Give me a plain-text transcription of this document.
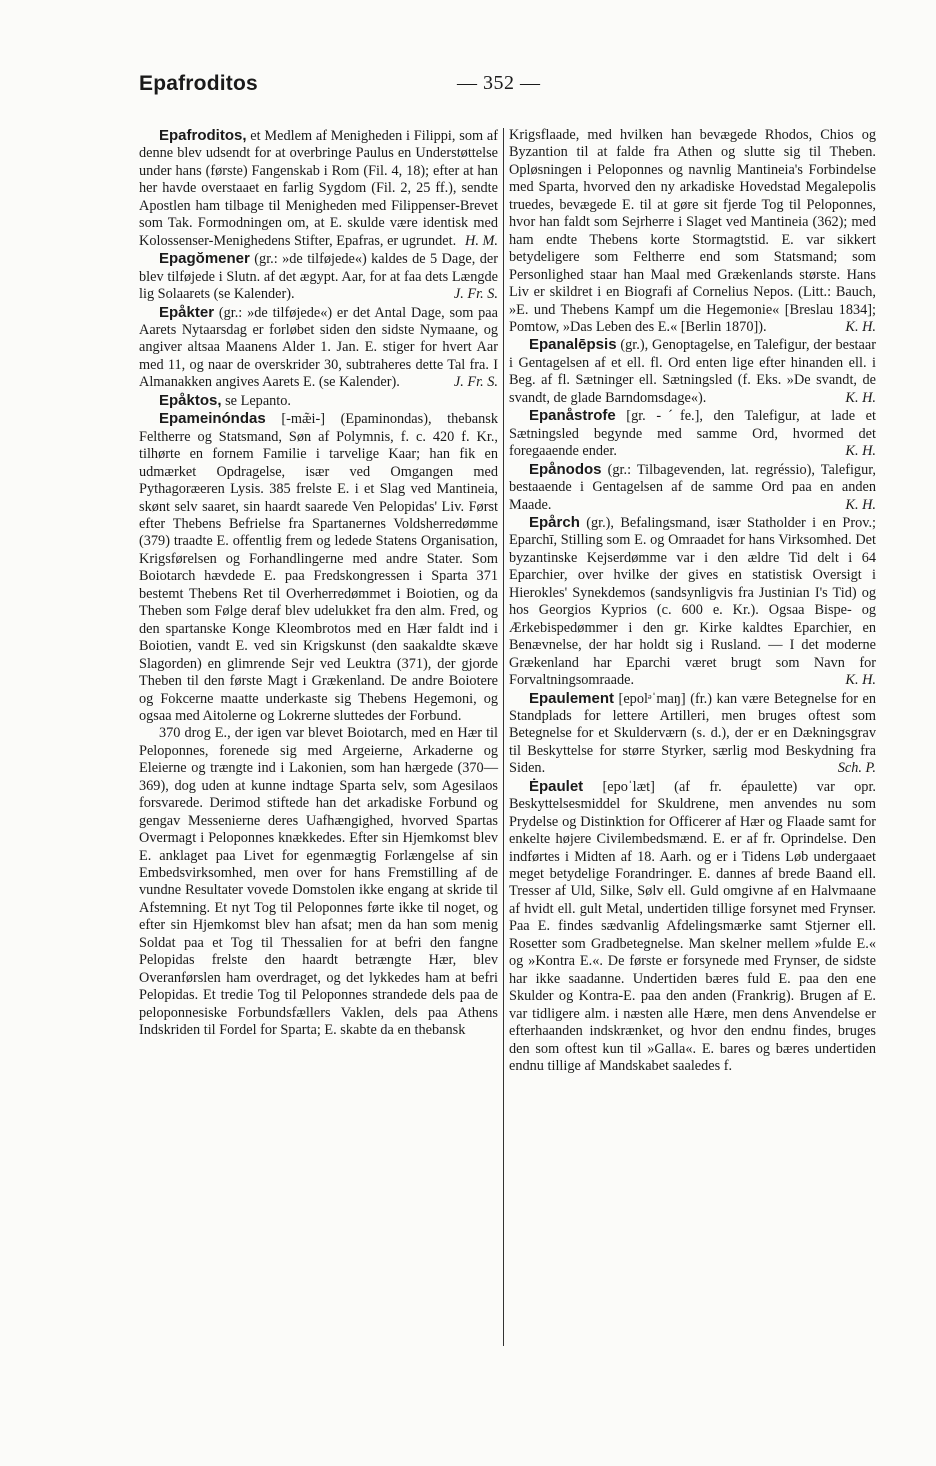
Epafroditos	— 352 —

Epafroditos, et Medlem af Menigheden i Filippi, som af denne blev udsendt for at overbringe Paulus en Understøttelse under hans (første) Fangenskab i Rom (Fil. 4, 18); efter at han her havde overstaaet en farlig Sygdom (Fil. 2, 25 ff.), sendte Apostlen ham tilbage til Menigheden med Filippenser-Brevet som Tak. Formodningen om, at E. skulde være identisk med Kolossenser-Menighedens Stifter, Epafras, er ugrundet. H. M.

Epagŏmener (gr.: »de tilføjede«) kaldes de 5 Dage, der blev tilføjede i Slutn. af det ægypt. Aar, for at faa dets Længde lig Solaarets (se Kalender).	J. Fr. S.

Epåkter (gr.: »de tilføjede«) er det Antal Dage, som paa Aarets Nytaarsdag er forløbet siden den sidste Nymaane, og angiver altsaa Maanens Alder 1. Jan. E. stiger for hvert Aar med 11, og naar de overskrider 30, subtraheres dette Tal fra. I Almanakken angives Aarets E. (se Kalender).	J. Fr. S.

Epåktos, se Lepanto.

Epameinóndas [-mæ̃i-] (Epaminondas), thebansk Feltherre og Statsmand, Søn af Polymnis, f. c. 420 f. Kr., tilhørte en fornem Familie i tarvelige Kaar; han fik en udmærket Opdragelse, især ved Omgangen med Pythagoræeren Lysis. 385 frelste E. i et Slag ved Mantineia, skønt selv saaret, sin haardt saarede Ven Pelopidas' Liv. Først efter Thebens Befrielse fra Spartanernes Voldsherredømme (379) traadte E. offentlig frem og ledede Statens Organisation, Krigsførelsen og Forhandlingerne med andre Stater. Som Boiotarch hævdede E. paa Fredskongressen i Sparta 371 bestemt Thebens Ret til Overherredømmet i Boiotien, og da Theben som Følge deraf blev udelukket fra den alm. Fred, og den spartanske Konge Kleombrotos med en Hær faldt ind i Boiotien, vandt E. ved sin Krigskunst (den saakaldte skæve Slagorden) en glimrende Sejr ved Leuktra (371), der gjorde Theben til den første Magt i Grækenland. De andre Boiotere og Fokcerne maatte underkaste sig Thebens Hegemoni, og ogsaa med Aitolerne og Lokrerne sluttedes der Forbund.

370 drog E., der igen var blevet Boiotarch, med en Hær til Peloponnes, forenede sig med Argeierne, Arkaderne og Eleierne og trængte ind i Lakonien, som han hærgede (370—369), dog uden at kunne indtage Sparta selv, som Agesilaos forsvarede. Derimod stiftede han det arkadiske Forbund og gengav Messenierne deres Uafhængighed, hvorved Spartas Overmagt i Peloponnes knækkedes. Efter sin Hjemkomst blev E. anklaget paa Livet for egenmægtig Forlængelse af sin Embedsvirksomhed, men over for hans Fremstilling af de vundne Resultater vovede Domstolen ikke engang at skride til Afstemning. Et nyt Tog til Peloponnes førte ikke til noget, og efter sin Hjemkomst blev han afsat; men da han som menig Soldat paa et Tog til Thessalien for at befri den fangne Pelopidas frelste den haardt betrængte Hær, blev Overanførslen ham overdraget, og det lykkedes ham at befri Pelopidas. Et tredie Tog til Peloponnes strandede dels paa de peloponnesiske Forbundsfællers Vaklen, dels paa Athens Indskriden til Fordel for Sparta; E. skabte da en thebansk

Krigsflaade, med hvilken han bevægede Rhodos, Chios og Byzantion til at falde fra Athen og slutte sig til Theben. Opløsningen i Peloponnes og navnlig Mantineia's Forbindelse med Sparta, hvorved den ny arkadiske Hovedstad Megalepolis truedes, bevægede E. til at gøre sit fjerde Tog til Peloponnes, hvor han faldt som Sejrherre i Slaget ved Mantineia (362); med ham endte Thebens korte Stormagtstid. E. var sikkert betydeligere som Feltherre end som Statsmand; som Personlighed staar han Maal med Grækenlands største. Hans Liv er skildret i en Biografi af Cornelius Nepos. (Litt.: Bauch, »E. und Thebens Kampf um die Hegemonie« [Breslau 1834]; Pomtow, »Das Leben des E.« [Berlin 1870]).	K. H.

Epanalēpsis (gr.), Genoptagelse, en Talefigur, der bestaar i Gentagelsen af et ell. fl. Ord enten lige efter hinanden ell. i Beg. af fl. Sætninger ell. Sætningsled (f. Eks. »De svandt, de svandt, de glade Barndomsdage«).	K. H.

Epanåstrofe [gr. -ˊfe.], den Talefigur, at lade et Sætningsled begynde med samme Ord, hvormed det foregaaende ender.	K. H.

Epånodos (gr.: Tilbagevenden, lat. regréssio), Talefigur, bestaaende i Gentagelsen af de samme Ord paa en anden Maade.	K. H.

Epårch (gr.), Befalingsmand, især Statholder i en Prov.; Eparchī, Stilling som E. og Omraadet for hans Virksomhed. Det byzantinske Kejserdømme var i den ældre Tid delt i 64 Eparchier, over hvilke der gives en statistisk Oversigt i Hierokles' Synekdemos (sandsynligvis fra Justinian I's Tid) og hos Georgios Kyprios (c. 600 e. Kr.). Ogsaa Bispe- og Ærkebispedømmer i den gr. Kirke kaldtes Eparchier, en Benævnelse, der har holdt sig i Rusland. — I det moderne Grækenland har Eparchi været brugt som Navn for Forvaltningsomraade.	K. H.

Epaulement [epolᵊˈmaŋ] (fr.) kan være Betegnelse for en Standplads for lettere Artilleri, men bruges oftest som Betegnelse for et Skulderværn (s. d.), der er en Dækningsgrav til Beskyttelse for større Styrker, særlig mod Beskydning fra Siden.	Sch. P.

Ėpaulet [epoˈlæt] (af fr. épaulette) var opr. Beskyttelsesmiddel for Skuldrene, men anvendes nu som Prydelse og Distinktion for Officerer af Hær og Flaade samt for enkelte højere Civilembedsmænd. E. er af fr. Oprindelse. Den indførtes i Midten af 18. Aarh. og er i Tidens Løb undergaaet meget betydelige Forandringer. E. dannes af brede Baand ell. Tresser af Uld, Silke, Sølv ell. Guld omgivne af en Halvmaane af hvidt ell. gult Metal, undertiden tillige forsynet med Frynser. Paa E. findes sædvanlig Afdelingsmærke samt Stjerner ell. Rosetter som Gradbetegnelse. Man skelner mellem »fulde E.« og »Kontra E.«. De første er forsynede med Frynser, de sidste har ikke saadanne. Undertiden bæres fuld E. paa den ene Skulder og Kontra-E. paa den anden (Frankrig). Brugen af E. var tidligere alm. i næsten alle Hære, men dens Anvendelse er efterhaanden indskrænket, og hvor den endnu findes, bruges den som oftest kun til »Galla«. E. bares og bæres undertiden endnu tillige af Mandskabet saaledes f.
